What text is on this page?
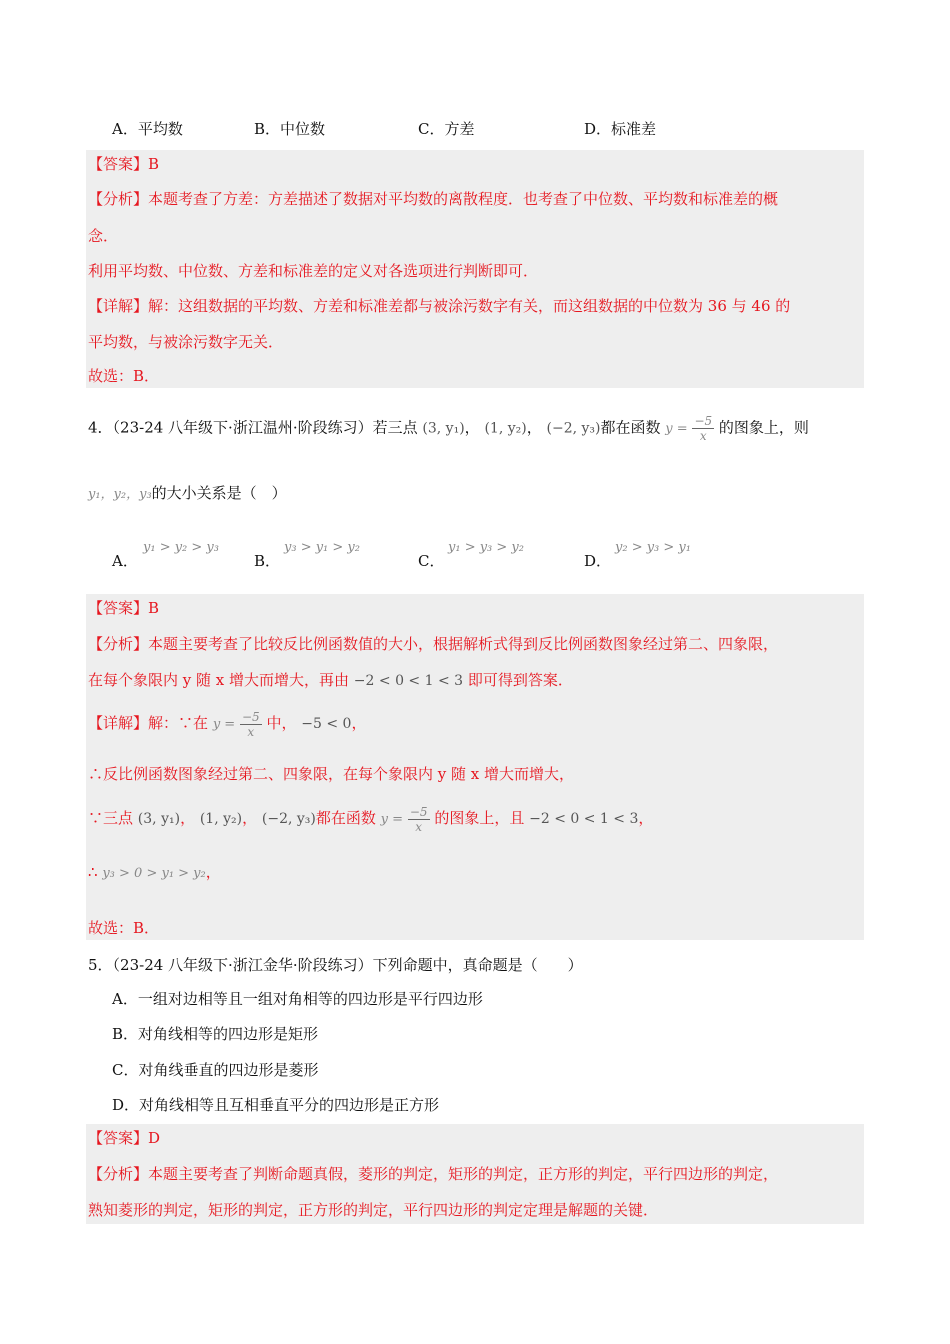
A．平均数	B．中位数	C．方差	D．标准差
【答案】B
【分析】本题考查了方差：方差描述了数据对平均数的离散程度．也考查了中位数、平均数和标准差的概
念．
利用平均数、中位数、方差和标准差的定义对各选项进行判断即可．
【详解】解：这组数据的平均数、方差和标准差都与被涂污数字有关，而这组数据的中位数为 36 与 46 的
平均数，与被涂污数字无关．
故选：B．
4．（23-24 八年级下·浙江温州·阶段练习）若三点 (3, y₁)， (1, y₂)， (−2, y₃)都在函数 $y = \frac{-5}{x}$ 的图象上，则
y₁，y₂，y₃的大小关系是（　）
A．
y₁ > y₂ > y₃
B．
y₃ > y₁ > y₂
C．
y₁ > y₃ > y₂
D．
y₂ > y₃ > y₁
【答案】B
【分析】本题主要考查了比较反比例函数值的大小，根据解析式得到反比例函数图象经过第二、四象限，
在每个象限内 y 随 x 增大而增大，再由 −2 < 0 < 1 < 3 即可得到答案．
【详解】解：∵在 $y = \frac{-5}{x}$ 中， −5 < 0，
∴反比例函数图象经过第二、四象限，在每个象限内 y 随 x 增大而增大，
∵三点 (3, y₁)， (1, y₂)， (−2, y₃)都在函数 $y = \frac{-5}{x}$ 的图象上，且 −2 < 0 < 1 < 3，
∴ y₃ > 0 > y₁ > y₂，
故选：B．
5．（23-24 八年级下·浙江金华·阶段练习）下列命题中，真命题是（　　）
A．一组对边相等且一组对角相等的四边形是平行四边形
B．对角线相等的四边形是矩形
C．对角线垂直的四边形是菱形
D．对角线相等且互相垂直平分的四边形是正方形
【答案】D
【分析】本题主要考查了判断命题真假，菱形的判定，矩形的判定，正方形的判定，平行四边形的判定，
熟知菱形的判定，矩形的判定，正方形的判定，平行四边形的判定定理是解题的关键．
